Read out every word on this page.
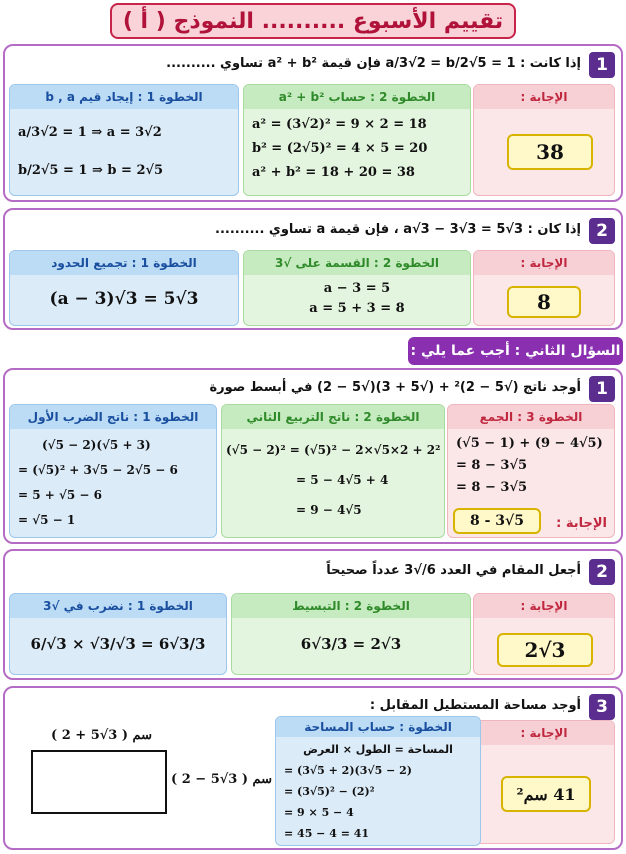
تقييم الأسبوع .......... النموذج ( أ )
1
إذا كانت : a/3√2 = b/2√5 = 1 فإن قيمة a² + b² تساوي ..........
الإجابة :
38
الخطوة 2 : حساب a² + b²
a² = (3√2)² = 9 × 2 = 18
b² = (2√5)² = 4 × 5 = 20
a² + b² = 18 + 20 = 38
الخطوة 1 : إيجاد قيم b , a
a/3√2 = 1 ⇒ a = 3√2
b/2√5 = 1 ⇒ b = 2√5
2
إذا كان : a√3 − 3√3 = 5√3 ، فإن قيمة a تساوي ..........
الإجابة :
8
الخطوة 2 : القسمة على √3
a − 3 = 5
a = 5 + 3 = 8
الخطوة 1 : تجميع الحدود
(a − 3)√3 = 5√3
السؤال الثاني : أجب عما يلي :
1
أوجد ناتج (√5 − 2)² + (√5 + 3)(√5 − 2) في أبسط صورة
الخطوة 3 : الجمع
(√5 − 1) + (9 − 4√5)
= 8 − 3√5
= 8 − 3√5
الإجابة :
8 - 3√5
الخطوة 2 : ناتج التربيع الثاني
(√5 − 2)² = (√5)² − 2×√5×2 + 2²
= 5 − 4√5 + 4
= 9 − 4√5
الخطوة 1 : ناتج الضرب الأول
(√5 − 2)(√5 + 3)
= (√5)² + 3√5 − 2√5 − 6
= 5 + √5 − 6
= √5 − 1
2
أجعل المقام في العدد 6/√3 عدداً صحيحاً
الإجابة :
2√3
الخطوة 2 : التبسيط
6√3/3 = 2√3
الخطوة 1 : نضرب في √3
6/√3 × √3/√3 = 6√3/3
3
أوجد مساحة المستطيل المقابل :
الإجابة :
41 سم²
الخطوة : حساب المساحة
المساحة = الطول × العرض
= (3√5 + 2)(3√5 − 2)
= (3√5)² − (2)²
= 9 × 5 − 4
= 45 − 4 = 41
سم ( 3√5 + 2 )
سم ( 3√5 − 2 )
